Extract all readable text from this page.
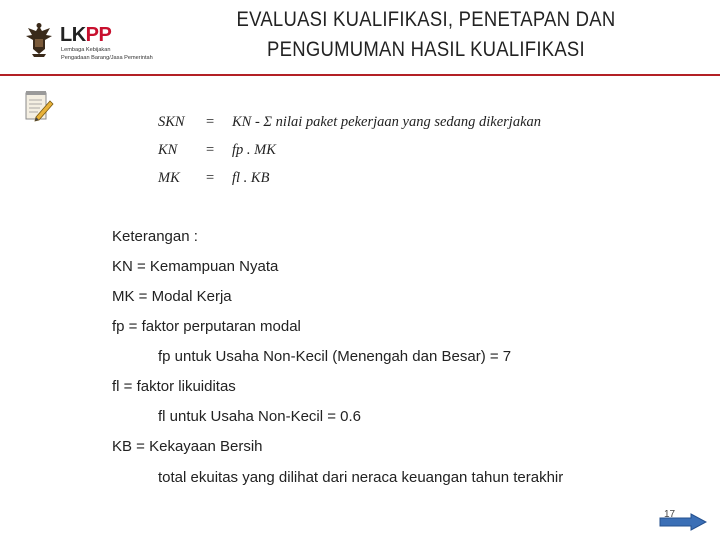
LKPP
Lembaga Kebijakan
Pengadaan Barang/Jasa Pemerintah
EVALUASI KUALIFIKASI, PENETAPAN DAN
PENGUMUMAN HASIL KUALIFIKASI
SKN = KN - Σ nilai paket pekerjaan yang sedang dikerjakan
KN = fp . MK
MK = fl . KB
Keterangan :
KN = Kemampuan Nyata
MK = Modal Kerja
fp = faktor perputaran modal
fp untuk Usaha Non-Kecil (Menengah dan Besar) = 7
fl = faktor likuiditas
fl untuk Usaha Non-Kecil = 0.6
KB = Kekayaan Bersih
total ekuitas yang dilihat dari neraca keuangan tahun terakhir
17
